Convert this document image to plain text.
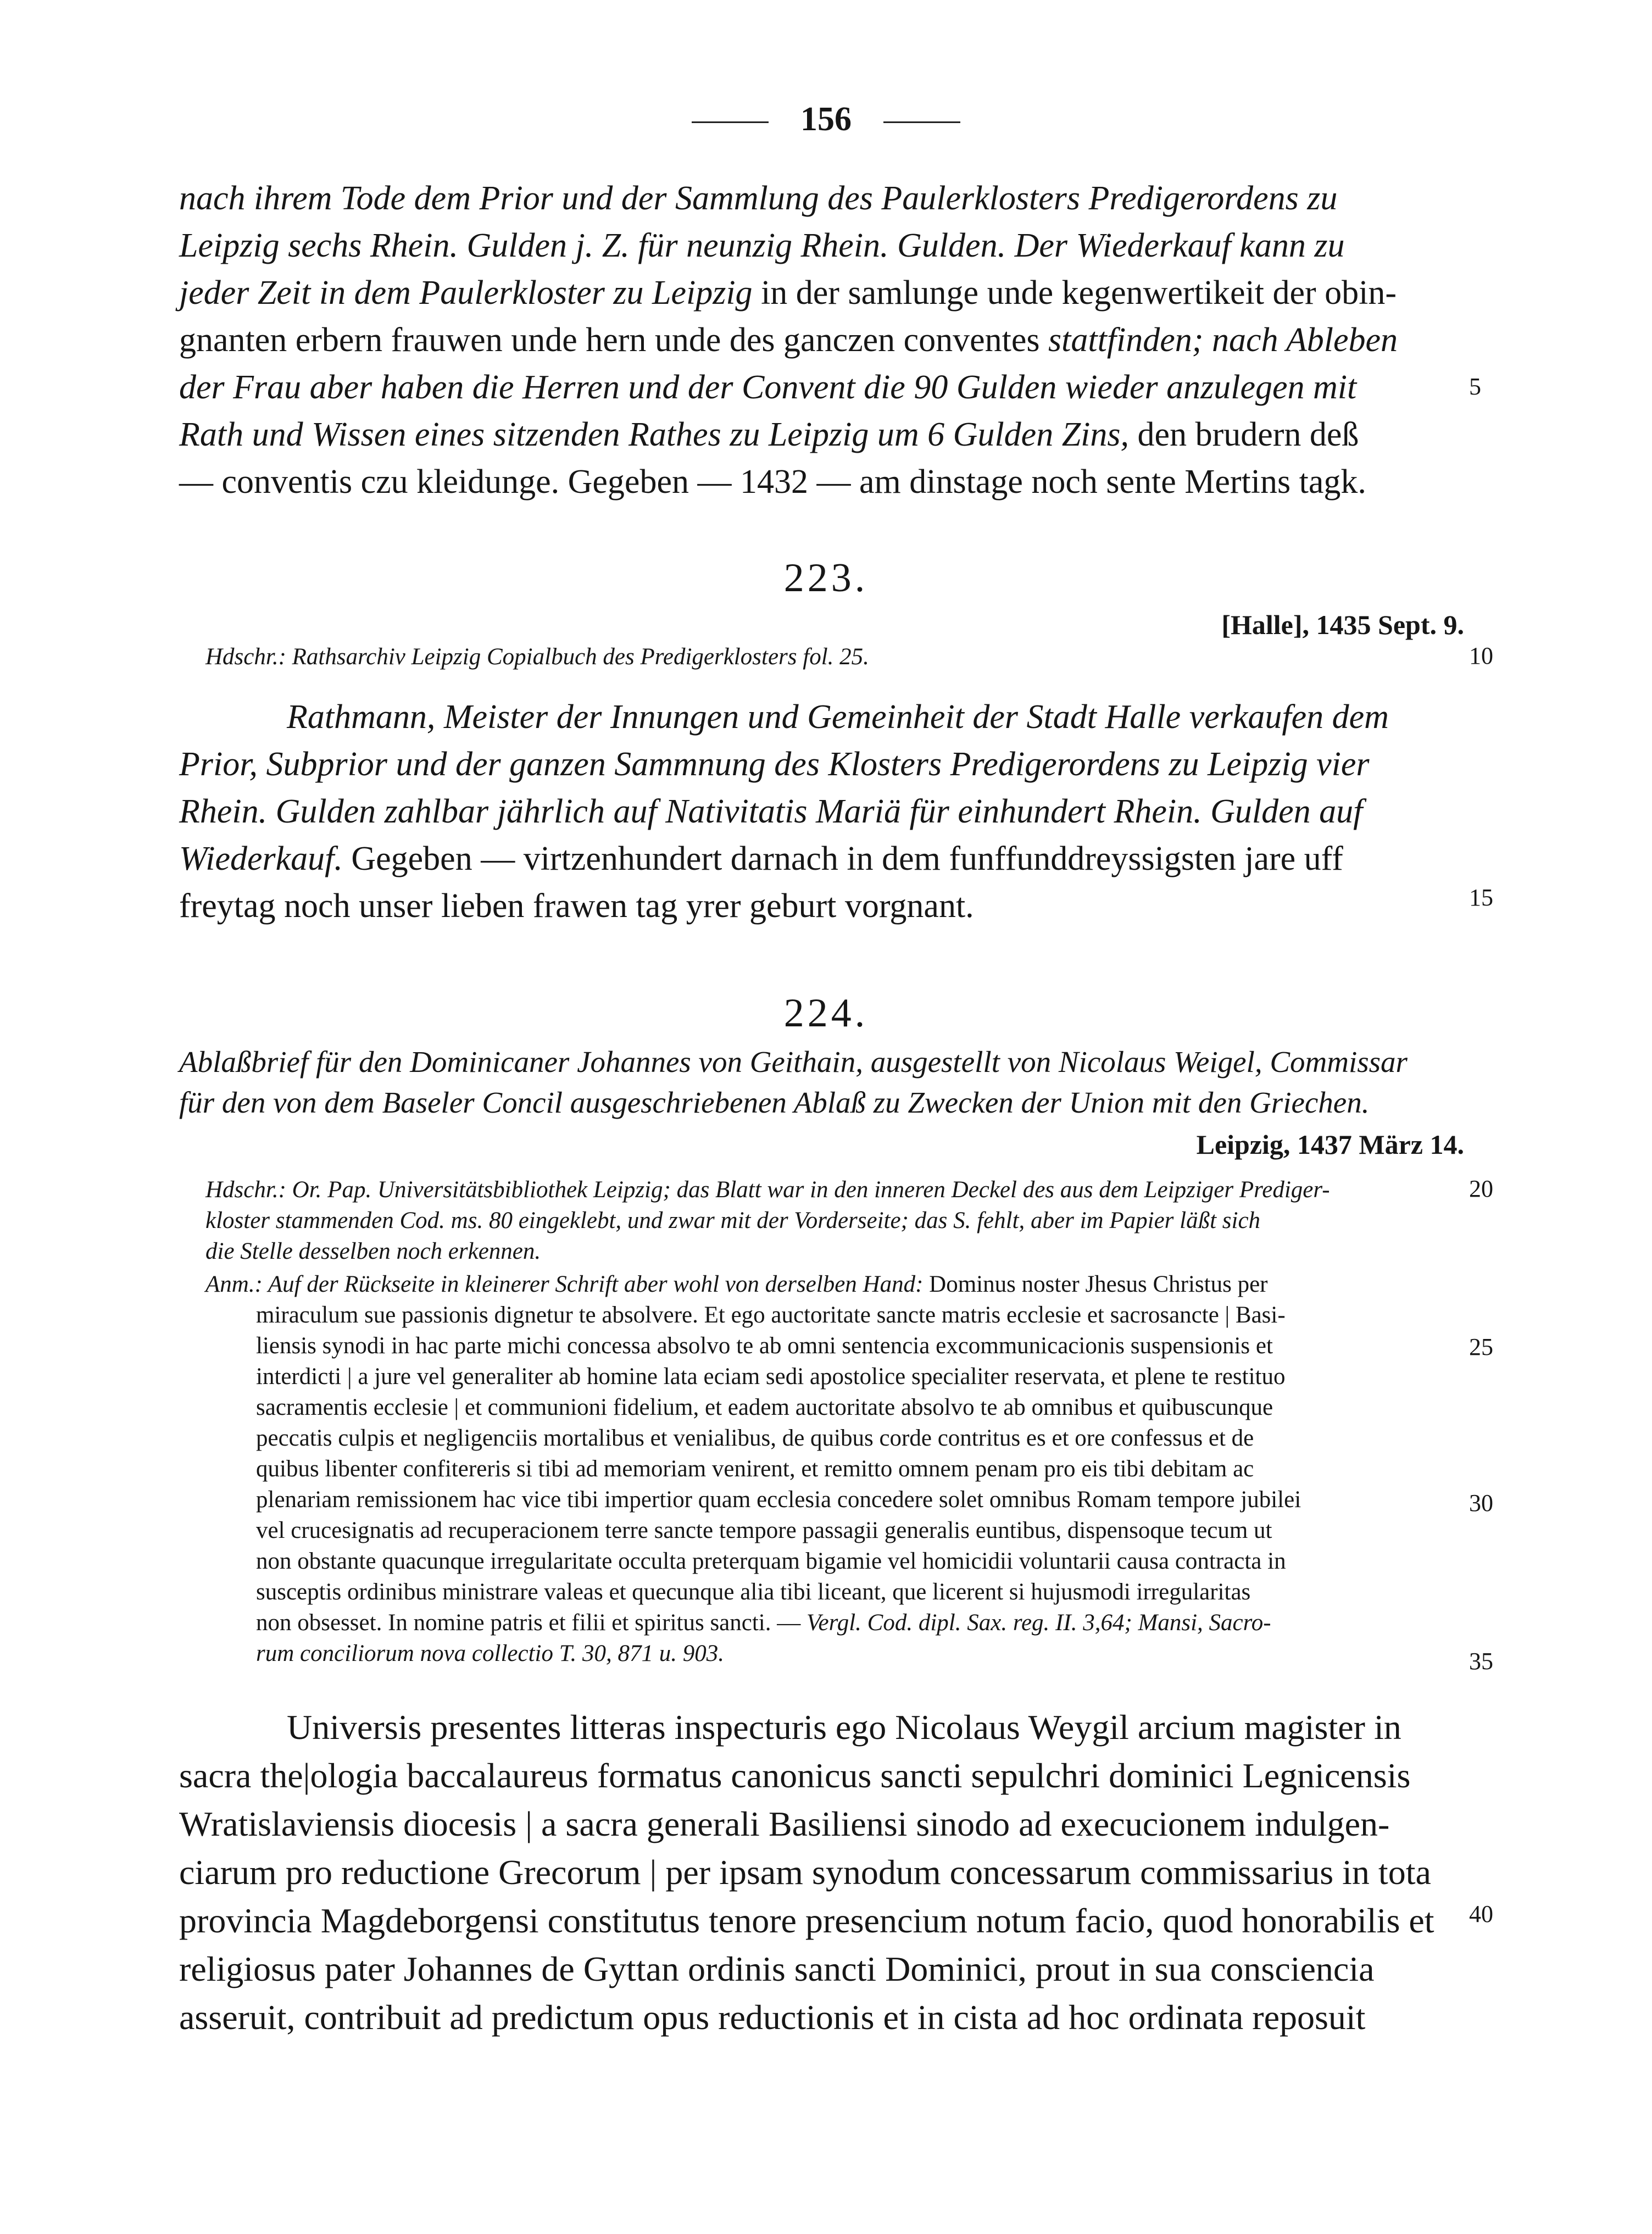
156
nach ihrem Tode dem Prior und der Sammlung des Paulerklosters Predigerordens zu
Leipzig sechs Rhein. Gulden j. Z. für neunzig Rhein. Gulden. Der Wiederkauf kann zu
jeder Zeit in dem Paulerkloster zu Leipzig in der samlunge unde kegenwertikeit der obin-
gnanten erbern frauwen unde hern unde des ganczen conventes stattfinden; nach Ableben
der Frau aber haben die Herren und der Convent die 90 Gulden wieder anzulegen mit
Rath und Wissen eines sitzenden Rathes zu Leipzig um 6 Gulden Zins, den brudern deß
— conventis czu kleidunge. Gegeben — 1432 — am dinstage noch sente Mertins tagk.
5
223.
[Halle], 1435 Sept. 9.
Hdschr.: Rathsarchiv Leipzig Copialbuch des Predigerklosters fol. 25.	10
Rathmann, Meister der Innungen und Gemeinheit der Stadt Halle verkaufen dem
Prior, Subprior und der ganzen Sammnung des Klosters Predigerordens zu Leipzig vier
Rhein. Gulden zahlbar jährlich auf Nativitatis Mariä für einhundert Rhein. Gulden auf
Wiederkauf. Gegeben — virtzenhundert darnach in dem funffunddreyssigsten jare uff
freytag noch unser lieben frawen tag yrer geburt vorgnant.	15
224.
Ablaßbrief für den Dominicaner Johannes von Geithain, ausgestellt von Nicolaus Weigel, Commissar
für den von dem Baseler Concil ausgeschriebenen Ablaß zu Zwecken der Union mit den Griechen.
Leipzig, 1437 März 14.
Hdschr.: Or. Pap. Universitätsbibliothek Leipzig; das Blatt war in den inneren Deckel des aus dem Leipziger Prediger-
kloster stammenden Cod. ms. 80 eingeklebt, und zwar mit der Vorderseite; das S. fehlt, aber im Papier läßt sich
die Stelle desselben noch erkennen.
20
Anm.: Auf der Rückseite in kleinerer Schrift aber wohl von derselben Hand: Dominus noster Jhesus Christus per
miraculum sue passionis dignetur te absolvere. Et ego auctoritate sancte matris ecclesie et sacrosancte | Basi-
liensis synodi in hac parte michi concessa absolvo te ab omni sentencia excommunicacionis suspensionis et
interdicti | a jure vel generaliter ab homine lata eciam sedi apostolice specialiter reservata, et plene te restituo
sacramentis ecclesie | et communioni fidelium, et eadem auctoritate absolvo te ab omnibus et quibuscunque
peccatis culpis et negligenciis mortalibus et venialibus, de quibus corde contritus es et ore confessus et de
quibus libenter confitereris si tibi ad memoriam venirent, et remitto omnem penam pro eis tibi debitam ac
plenariam remissionem hac vice tibi impertior quam ecclesia concedere solet omnibus Romam tempore jubilei
vel crucesignatis ad recuperacionem terre sancte tempore passagii generalis euntibus, dispensoque tecum ut
non obstante quacunque irregularitate occulta preterquam bigamie vel homicidii voluntarii causa contracta in
susceptis ordinibus ministrare valeas et quecunque alia tibi liceant, que licerent si hujusmodi irregularitas
non obsesset. In nomine patris et filii et spiritus sancti. — Vergl. Cod. dipl. Sax. reg. II. 3,64; Mansi, Sacro-
rum conciliorum nova collectio T. 30, 871 u. 903.
25
30
35
Universis presentes litteras inspecturis ego Nicolaus Weygil arcium magister in
sacra the|ologia baccalaureus formatus canonicus sancti sepulchri dominici Legnicensis
Wratislaviensis diocesis | a sacra generali Basiliensi sinodo ad execucionem indulgen-
ciarum pro reductione Grecorum | per ipsam synodum concessarum commissarius in tota
provincia Magdeborgensi constitutus tenore presencium notum facio, quod honorabilis et
religiosus pater Johannes de Gyttan ordinis sancti Dominici, prout in sua consciencia
asseruit, contribuit ad predictum opus reductionis et in cista ad hoc ordinata reposuit
40
